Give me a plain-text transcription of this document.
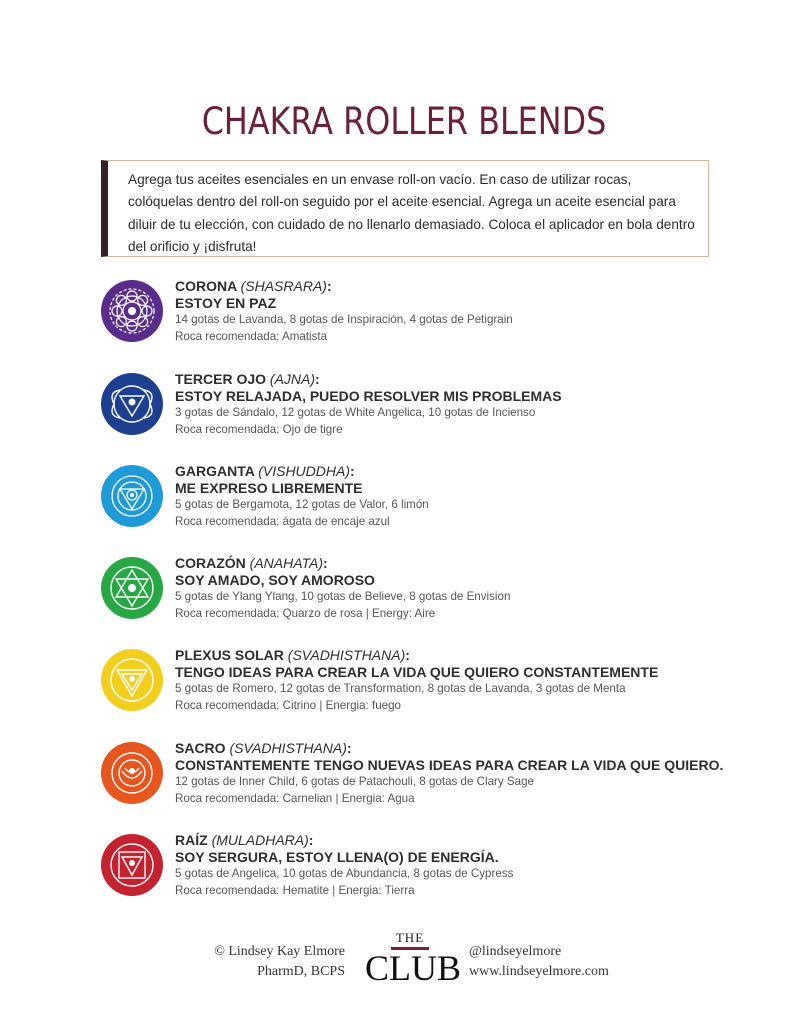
CHAKRA ROLLER BLENDS
Agrega tus aceites esenciales en un envase roll-on vacío. En caso de utilizar rocas, colóquelas dentro del roll-on seguido por el aceite esencial. Agrega un aceite esencial para diluir de tu elección, con cuidado de no llenarlo demasiado. Coloca el aplicador en bola dentro del orificio y ¡disfruta!
CORONA (SHASRARA):
ESTOY EN PAZ
14 gotas de Lavanda, 8 gotas de Inspiración, 4 gotas de Petigrain
Roca recomendada: Amatista
TERCER OJO (AJNA):
ESTOY RELAJADA, PUEDO RESOLVER MIS PROBLEMAS
3 gotas de Sándalo, 12 gotas de White Angelica, 10 gotas de Incienso
Roca recomendada: Ojo de tigre
GARGANTA (VISHUDDHA):
ME EXPRESO LIBREMENTE
5 gotas de Bergamota, 12 gotas de Valor, 6 limón
Roca recomendada: ágata de encaje azul
CORAZÓN (ANAHATA):
SOY AMADO, SOY AMOROSO
5 gotas de Ylang Ylang, 10 gotas de Believe, 8 gotas de Envision
Roca recomendada: Quarzo de rosa | Energy: Aire
PLEXUS SOLAR (SVADHISTHANA):
TENGO IDEAS PARA CREAR LA VIDA QUE QUIERO CONSTANTEMENTE
5 gotas de Romero, 12 gotas de Transformation, 8 gotas de Lavanda, 3 gotas de Menta
Roca recomendada: Citrino | Energia: fuego
SACRO (SVADHISTHANA):
CONSTANTEMENTE TENGO NUEVAS IDEAS PARA CREAR LA VIDA QUE QUIERO.
12 gotas de Inner Child, 6 gotas de Patachouli, 8 gotas de Clary Sage
Roca recomendada: Carnelian | Energia: Agua
RAÍZ (MULADHARA):
SOY SERGURA, ESTOY LLENA(O) DE ENERGÍA.
5 gotas de Angelica, 10 gotas de Abundancia, 8 gotas de Cypress
Roca recomendada: Hematite | Energia: Tierra
© Lindsey Kay Elmore
PharmD, BCPS
THE
CLUB @lindseyelmore
www.lindseyelmore.com
